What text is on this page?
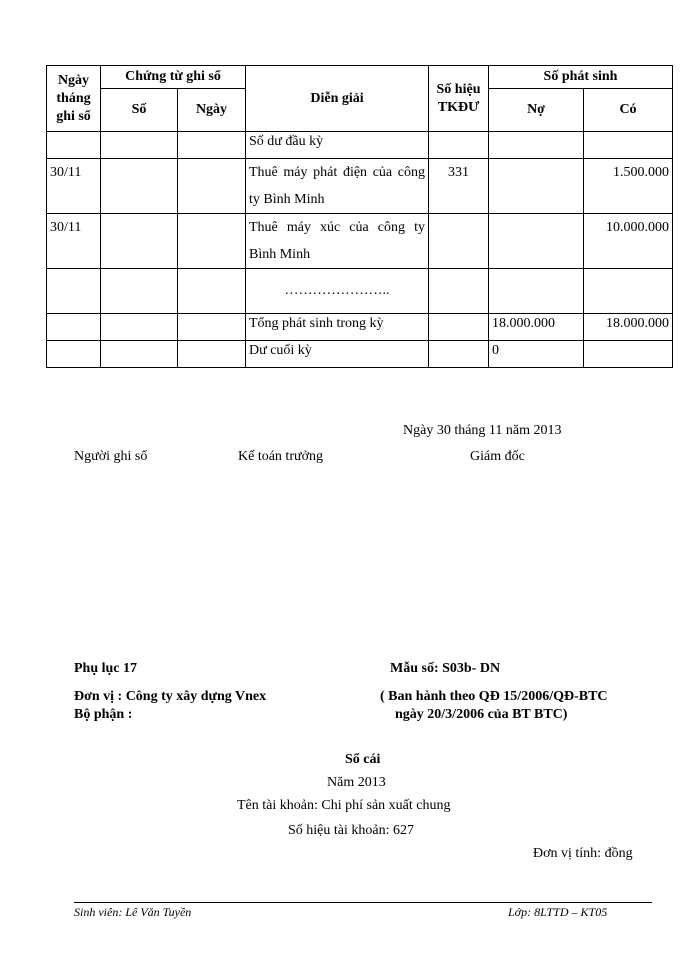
Ngày tháng ghi sổ	Chứng từ ghi sổ		Diễn giải	Số hiệu TKĐƯ	Số phát sinh	
	Số	Ngày			Nợ	Có
			Số dư đầu kỳ			
30/11			Thuê máy phát điện của công ty Bình Minh	331		1.500.000
30/11			Thuê máy xúc của công ty Bình Minh			10.000.000
			…………………..			
			Tổng phát sinh trong kỳ		18.000.000	18.000.000
			Dư cuối kỳ		0	
Ngày 30 tháng 11 năm 2013
Người ghi sổ	Kế toán trưởng	Giám đốc
Phụ lục 17	Mẫu số: S03b- DN
Đơn vị : Công ty xây dựng Vnex	( Ban hành theo QĐ 15/2006/QĐ-BTC
Bộ phận :	ngày 20/3/2006 của BT BTC)
Sổ cái
Năm 2013
Tên tài khoản: Chi phí sản xuất chung
Số hiệu tài khoản: 627
Đơn vị tính: đồng
Sinh viên: Lê Văn Tuyền	Lớp: 8LTTD – KT05
